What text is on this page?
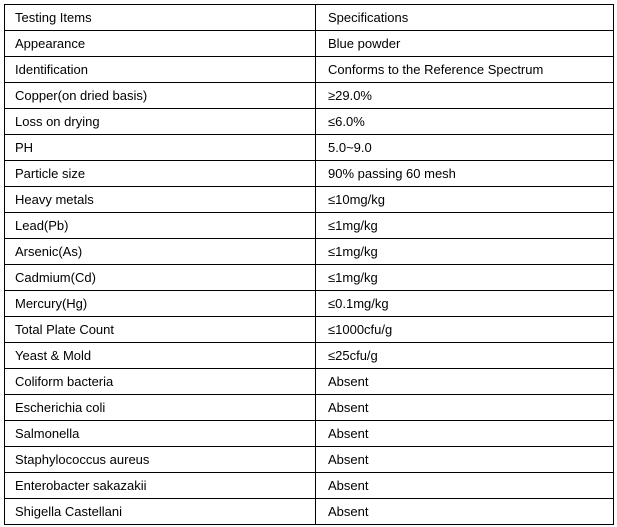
Testing Items	Specifications
Appearance	Blue powder
Identification	Conforms to the Reference Spectrum
Copper(on dried basis)	≥29.0%
Loss on drying	≤6.0%
PH	5.0~9.0
Particle size	90% passing 60 mesh
Heavy metals	≤10mg/kg
Lead(Pb)	≤1mg/kg
Arsenic(As)	≤1mg/kg
Cadmium(Cd)	≤1mg/kg
Mercury(Hg)	≤0.1mg/kg
Total Plate Count	≤1000cfu/g
Yeast & Mold	≤25cfu/g
Coliform bacteria	Absent
Escherichia coli	Absent
Salmonella	Absent
Staphylococcus aureus	Absent
Enterobacter sakazakii	Absent
Shigella Castellani	Absent
